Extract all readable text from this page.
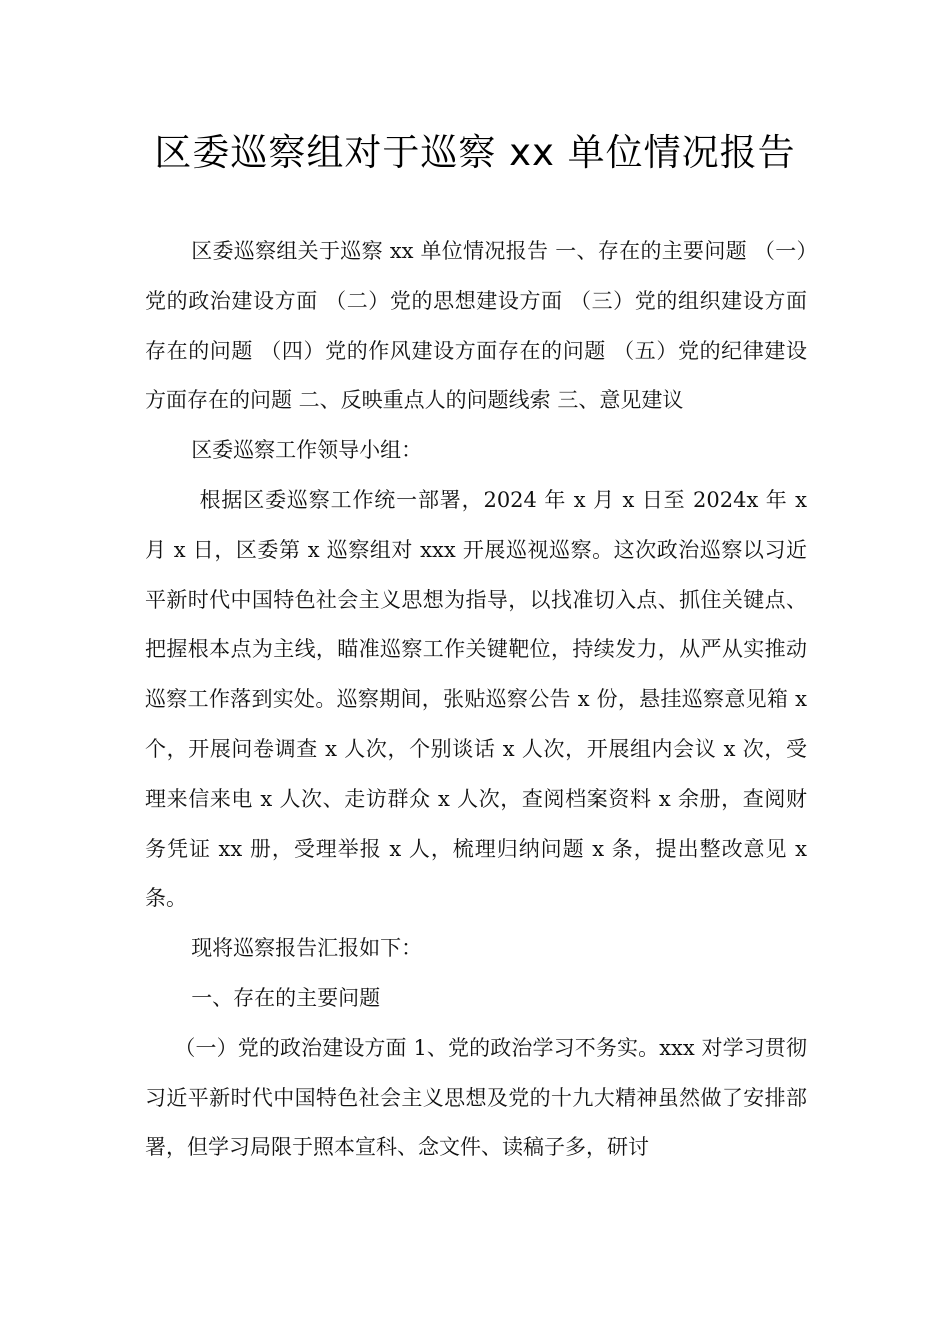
区委巡察组对于巡察 xx 单位情况报告

区委巡察组关于巡察 xx 单位情况报告 一、存在的主要问题 （一）党的政治建设方面 （二）党的思想建设方面 （三）党的组织建设方面存在的问题 （四）党的作风建设方面存在的问题 （五）党的纪律建设方面存在的问题 二、反映重点人的问题线索 三、意见建议

区委巡察工作领导小组：

根据区委巡察工作统一部署，2024 年 x 月 x 日至 2024x 年 x 月 x 日，区委第 x 巡察组对 xxx 开展巡视巡察。这次政治巡察以习近平新时代中国特色社会主义思想为指导，以找准切入点、抓住关键点、把握根本点为主线，瞄准巡察工作关键靶位，持续发力，从严从实推动巡察工作落到实处。巡察期间，张贴巡察公告 x 份，悬挂巡察意见箱 x 个，开展问卷调查 x 人次，个别谈话 x 人次，开展组内会议 x 次，受理来信来电 x 人次、走访群众 x 人次，查阅档案资料 x 余册，查阅财务凭证 xx 册，受理举报 x 人，梳理归纳问题 x 条，提出整改意见 x 条。

现将巡察报告汇报如下：

一、存在的主要问题

（一）党的政治建设方面 1、党的政治学习不务实。xxx 对学习贯彻习近平新时代中国特色社会主义思想及党的十九大精神虽然做了安排部署，但学习局限于照本宣科、念文件、读稿子多，研讨
